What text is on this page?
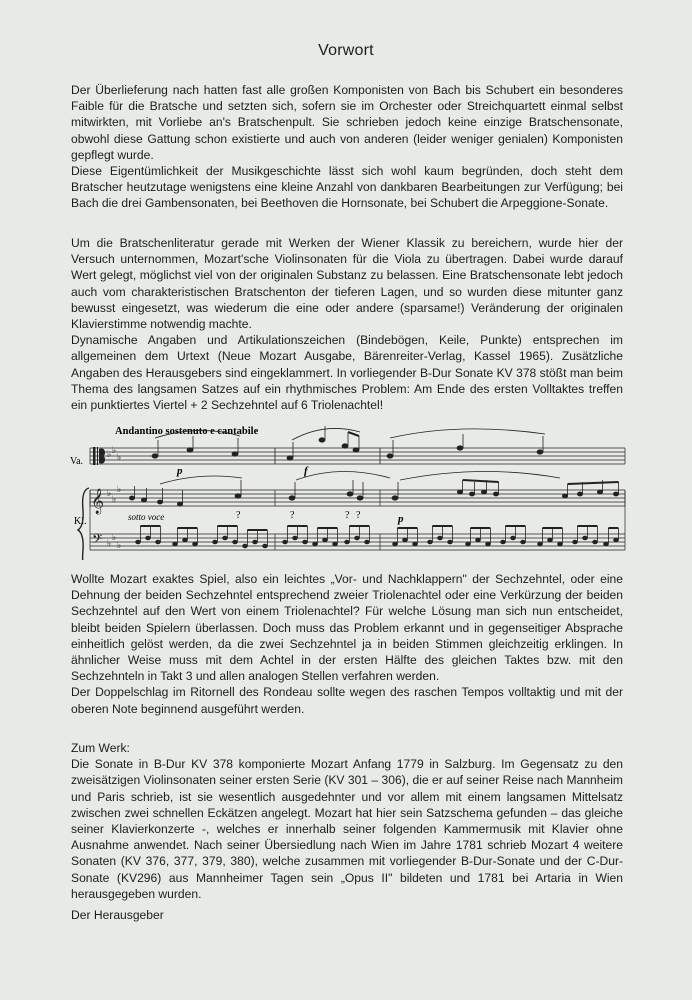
Vorwort

Der Überlieferung nach hatten fast alle großen Komponisten von Bach bis Schubert ein besonderes Faible für die Bratsche und setzten sich, sofern sie im Orchester oder Streichquartett einmal selbst mitwirkten, mit Vorliebe an's Bratschenpult. Sie schrieben jedoch keine einzige Bratschensonate, obwohl diese Gattung schon existierte und auch von anderen (leider weniger genialen) Komponisten gepflegt wurde.

Diese Eigentümlichkeit der Musikgeschichte lässt sich wohl kaum begründen, doch steht dem Bratscher heutzutage wenigstens eine kleine Anzahl von dankbaren Bearbeitungen zur Verfügung; bei Bach die drei Gambensonaten, bei Beethoven die Hornsonate, bei Schubert die Arpeggione-Sonate.

Um die Bratschenliteratur gerade mit Werken der Wiener Klassik zu bereichern, wurde hier der Versuch unternommen, Mozart'sche Violinsonaten für die Viola zu übertragen. Dabei wurde darauf Wert gelegt, möglichst viel von der originalen Substanz zu belassen. Eine Bratschensonate lebt jedoch auch vom charakteristischen Bratschenton der tieferen Lagen, und so wurden diese mitunter ganz bewusst eingesetzt, was wiederum die eine oder andere (sparsame!) Veränderung der originalen Klavierstimme notwendig machte.

Dynamische Angaben und Artikulationszeichen (Bindebögen, Keile, Punkte) entsprechen im allgemeinen dem Urtext (Neue Mozart Ausgabe, Bärenreiter-Verlag, Kassel 1965). Zusätzliche Angaben des Herausgebers sind eingeklammert. In vorliegender B-Dur Sonate KV 378 stößt man beim Thema des langsamen Satzes auf ein rhythmisches Problem: Am Ende des ersten Volltaktes treffen ein punktiertes Viertel + 2 Sechzehntel auf 6 Triolenachtel!

Andantino sostenuto e cantabile
Va.
Kl.
♭ ♭
♭
p	f
𝄞 ♭
♭
♭
sotto voce	p
?	?	? ?
𝄢 ♭
♭
♭

Wollte Mozart exaktes Spiel, also ein leichtes „Vor- und Nachklappern" der Sechzehntel, oder eine Dehnung der beiden Sechzehntel entsprechend zweier Triolenachtel oder eine Verkürzung der beiden Sechzehntel auf den Wert von einem Triolenachtel? Für welche Lösung man sich nun entscheidet, bleibt beiden Spielern überlassen. Doch muss das Problem erkannt und in gegenseitiger Absprache einheitlich gelöst werden, da die zwei Sechzehntel ja in beiden Stimmen gleichzeitig erklingen. In ähnlicher Weise muss mit dem Achtel in der ersten Hälfte des gleichen Taktes bzw. mit den Sechzehnteln in Takt 3 und allen analogen Stellen verfahren werden.

Der Doppelschlag im Ritornell des Rondeau sollte wegen des raschen Tempos volltaktig und mit der oberen Note beginnend ausgeführt werden.

Zum Werk:

Die Sonate in B-Dur KV 378 komponierte Mozart Anfang 1779 in Salzburg. Im Gegensatz zu den zweisätzigen Violinsonaten seiner ersten Serie (KV 301 – 306), die er auf seiner Reise nach Mannheim und Paris schrieb, ist sie wesentlich ausgedehnter und vor allem mit einem langsamen Mittelsatz zwischen zwei schnellen Eckätzen angelegt. Mozart hat hier sein Satzschema gefunden – das gleiche seiner Klavierkonzerte -, welches er innerhalb seiner folgenden Kammermusik mit Klavier ohne Ausnahme anwendet. Nach seiner Übersiedlung nach Wien im Jahre 1781 schrieb Mozart 4 weitere Sonaten (KV 376, 377, 379, 380), welche zusammen mit vorliegender B-Dur-Sonate und der C-Dur-Sonate (KV296) aus Mannheimer Tagen sein „Opus II" bildeten und 1781 bei Artaria in Wien herausgegeben wurden.

Der Herausgeber
